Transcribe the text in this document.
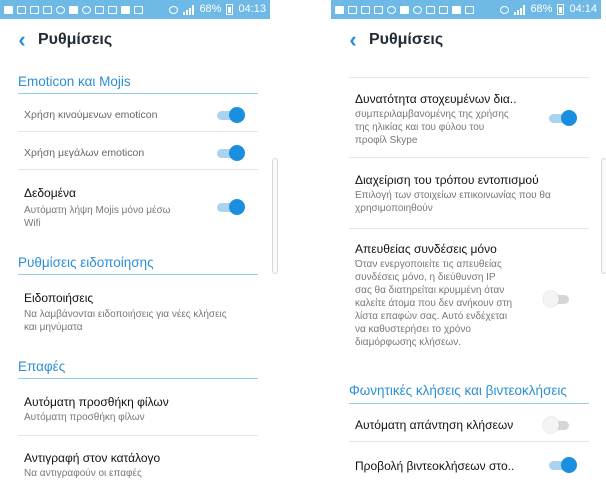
68% 04:13
‹ Ρυθμίσεις
Emoticon και Mojis
Χρήση κινούμενων emoticon
Χρήση μεγάλων emoticon
Δεδομένα
Αυτόματη λήψη Mojis μόνο μέσω
Wifi
Ρυθμίσεις ειδοποίησης
Ειδοποιήσεις
Να λαμβάνονται ειδοποιήσεις για νέες κλήσεις
και μηνύματα
Επαφές
Αυτόματη προσθήκη φίλων
Αυτόματη προσθήκη φίλων
Αντιγραφή στον κατάλογο
Να αντιγραφούν οι επαφές
68% 04:14
‹ Ρυθμίσεις
Δυνατότητα στοχευμένων δια..
συμπεριλαμβανομένης της χρήσης
της ηλικίας και του φύλου του
προφίλ Skype
Διαχείριση του τρόπου εντοπισμού
Επιλογή των στοιχείων επικοινωνίας που θα
χρησιμοποιηθούν
Απευθείας συνδέσεις μόνο
Όταν ενεργοποιείτε τις απευθείας
συνδέσεις μόνο, η διεύθυνση IP
σας θα διατηρείται κρυμμένη όταν
καλείτε άτομα που δεν ανήκουν στη
λίστα επαφών σας. Αυτό ενδέχεται
να καθυστερήσει το χρόνο
διαμόρφωσης κλήσεων.
Φωνητικές κλήσεις και βιντεοκλήσεις
Αυτόματη απάντηση κλήσεων
Προβολή βιντεοκλήσεων στο..
